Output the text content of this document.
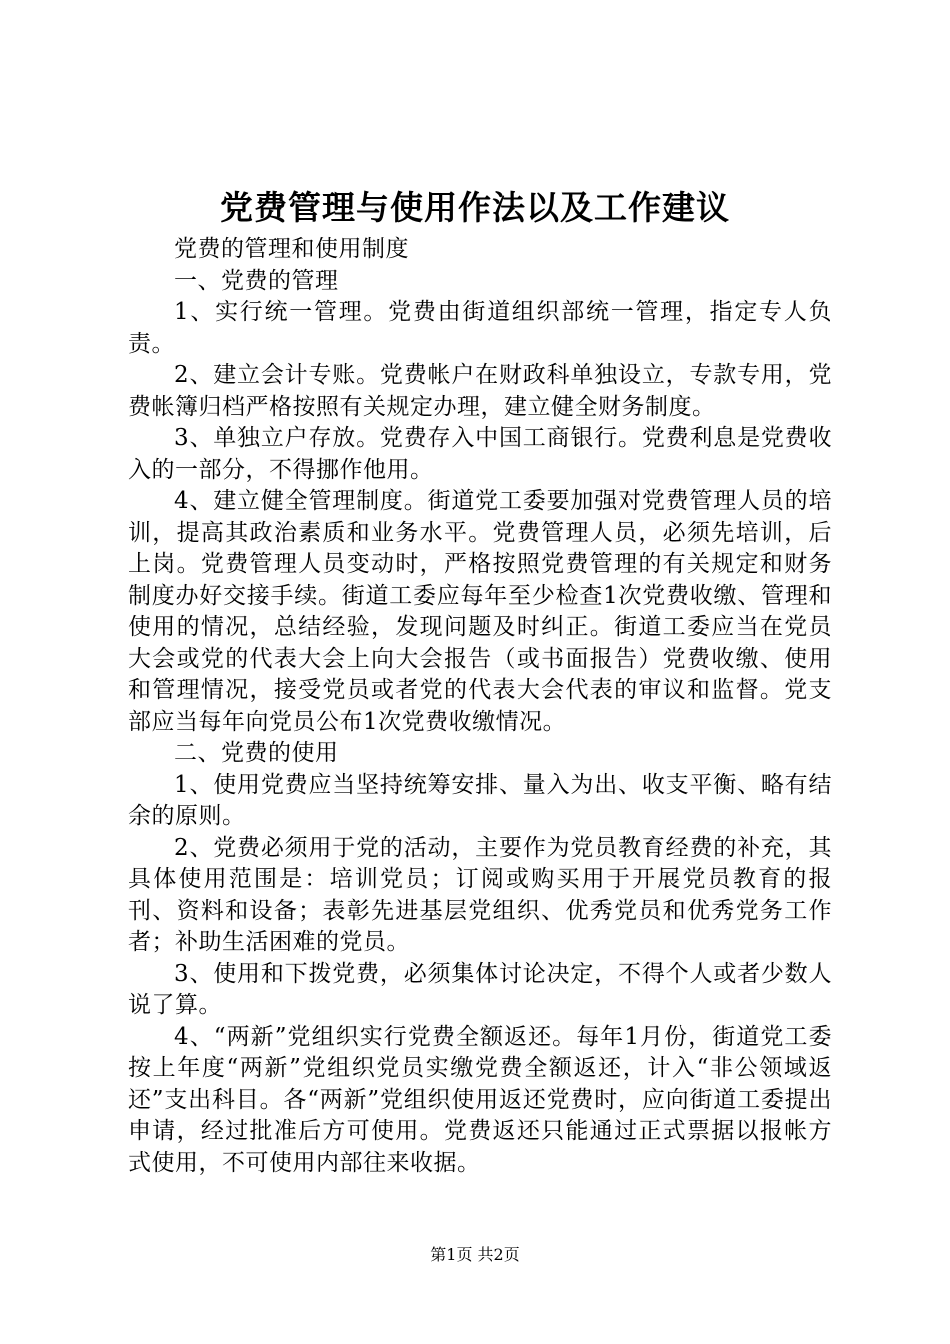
党费管理与使用作法以及工作建议

党费的管理和使用制度

一、党费的管理

1、实行统一管理。党费由街道组织部统一管理，指定专人负责。

2、建立会计专账。党费帐户在财政科单独设立，专款专用，党费帐簿归档严格按照有关规定办理，建立健全财务制度。

3、单独立户存放。党费存入中国工商银行。党费利息是党费收入的一部分，不得挪作他用。

4、建立健全管理制度。街道党工委要加强对党费管理人员的培训，提高其政治素质和业务水平。党费管理人员，必须先培训，后上岗。党费管理人员变动时，严格按照党费管理的有关规定和财务制度办好交接手续。街道工委应每年至少检查1次党费收缴、管理和使用的情况，总结经验，发现问题及时纠正。街道工委应当在党员大会或党的代表大会上向大会报告（或书面报告）党费收缴、使用和管理情况，接受党员或者党的代表大会代表的审议和监督。党支部应当每年向党员公布1次党费收缴情况。

二、党费的使用

1、使用党费应当坚持统筹安排、量入为出、收支平衡、略有结余的原则。

2、党费必须用于党的活动，主要作为党员教育经费的补充，其具体使用范围是：培训党员；订阅或购买用于开展党员教育的报刊、资料和设备；表彰先进基层党组织、优秀党员和优秀党务工作者；补助生活困难的党员。

3、使用和下拨党费，必须集体讨论决定，不得个人或者少数人说了算。

4、“两新”党组织实行党费全额返还。每年1月份，街道党工委按上年度“两新”党组织党员实缴党费全额返还，计入“非公领域返还”支出科目。各“两新”党组织使用返还党费时，应向街道工委提出申请，经过批准后方可使用。党费返还只能通过正式票据以报帐方式使用，不可使用内部往来收据。

第1页 共2页
